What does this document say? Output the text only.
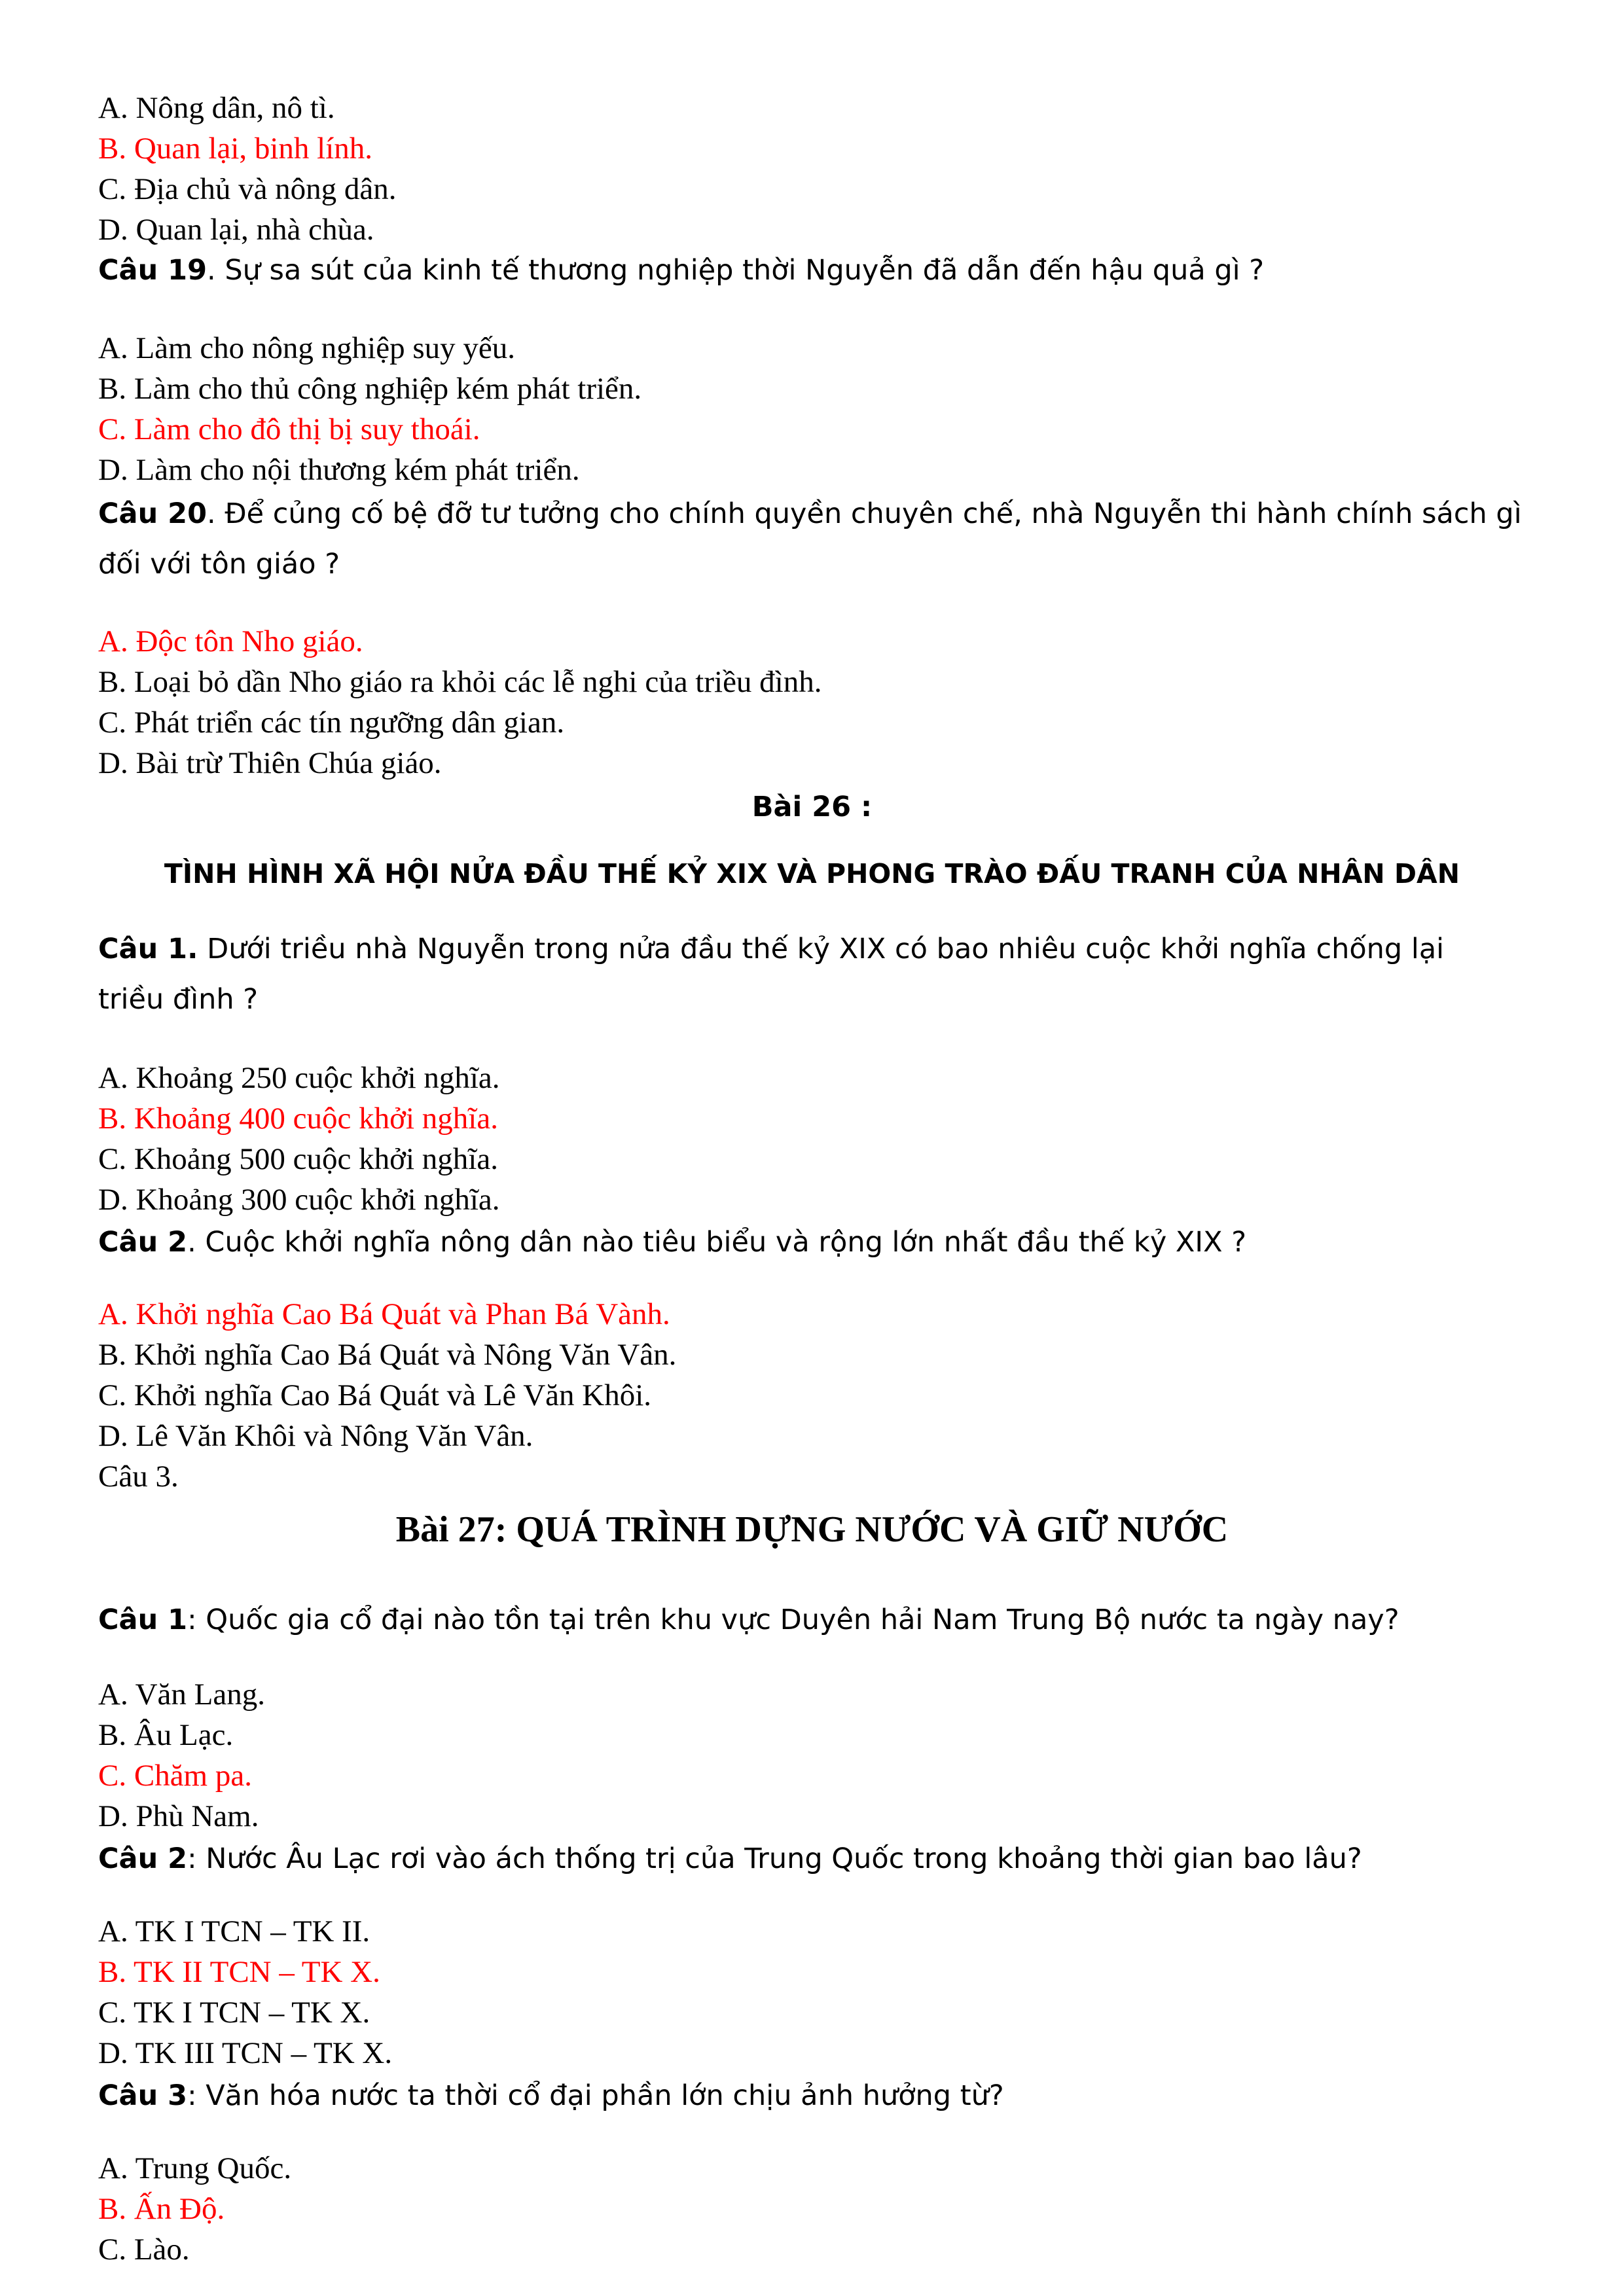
A. Nông dân, nô tì.

B. Quan lại, binh lính.

C. Địa chủ và nông dân.

D. Quan lại, nhà chùa.

Câu 19. Sự sa sút của kinh tế thương nghiệp thời Nguyễn đã dẫn đến hậu quả gì ?

A. Làm cho nông nghiệp suy yếu.

B. Làm cho thủ công nghiệp kém phát triển.

C. Làm cho đô thị bị suy thoái.

D. Làm cho nội thương kém phát triển.

Câu 20. Để củng cố bệ đỡ tư tưởng cho chính quyền chuyên chế, nhà Nguyễn thi hành chính sách gì

đối với tôn giáo ?

A. Độc tôn Nho giáo.

B. Loại bỏ dần Nho giáo ra khỏi các lễ nghi của triều đình.

C. Phát triển các tín ngưỡng dân gian.

D. Bài trừ Thiên Chúa giáo.

Bài 26 :

TÌNH HÌNH XÃ HỘI NỬA ĐẦU THẾ KỶ XIX VÀ PHONG TRÀO ĐẤU TRANH CỦA NHÂN DÂN

Câu 1. Dưới triều nhà Nguyễn trong nửa đầu thế kỷ XIX có bao nhiêu cuộc khởi nghĩa chống lại

triều đình ?

A. Khoảng 250 cuộc khởi nghĩa.

B. Khoảng 400 cuộc khởi nghĩa.

C. Khoảng 500 cuộc khởi nghĩa.

D. Khoảng 300 cuộc khởi nghĩa.

Câu 2. Cuộc khởi nghĩa nông dân nào tiêu biểu và rộng lớn nhất đầu thế kỷ XIX ?

A. Khởi nghĩa Cao Bá Quát và Phan Bá Vành.

B. Khởi nghĩa Cao Bá Quát và Nông Văn Vân.

C. Khởi nghĩa Cao Bá Quát và Lê Văn Khôi.

D. Lê Văn Khôi và Nông Văn Vân.

Câu 3.

Bài 27: QUÁ TRÌNH DỰNG NƯỚC VÀ GIỮ NƯỚC

Câu 1: Quốc gia cổ đại nào tồn tại trên khu vực Duyên hải Nam Trung Bộ nước ta ngày nay?

A. Văn Lang.

B. Âu Lạc.

C. Chăm pa.

D. Phù Nam.

Câu 2: Nước Âu Lạc rơi vào ách thống trị của Trung Quốc trong khoảng thời gian bao lâu?

A. TK I TCN – TK II.

B. TK II TCN – TK X.

C. TK I TCN – TK X.

D. TK III TCN – TK X.

Câu 3: Văn hóa nước ta thời cổ đại phần lớn chịu ảnh hưởng từ?

A. Trung Quốc.

B. Ấn Độ.

C. Lào.
